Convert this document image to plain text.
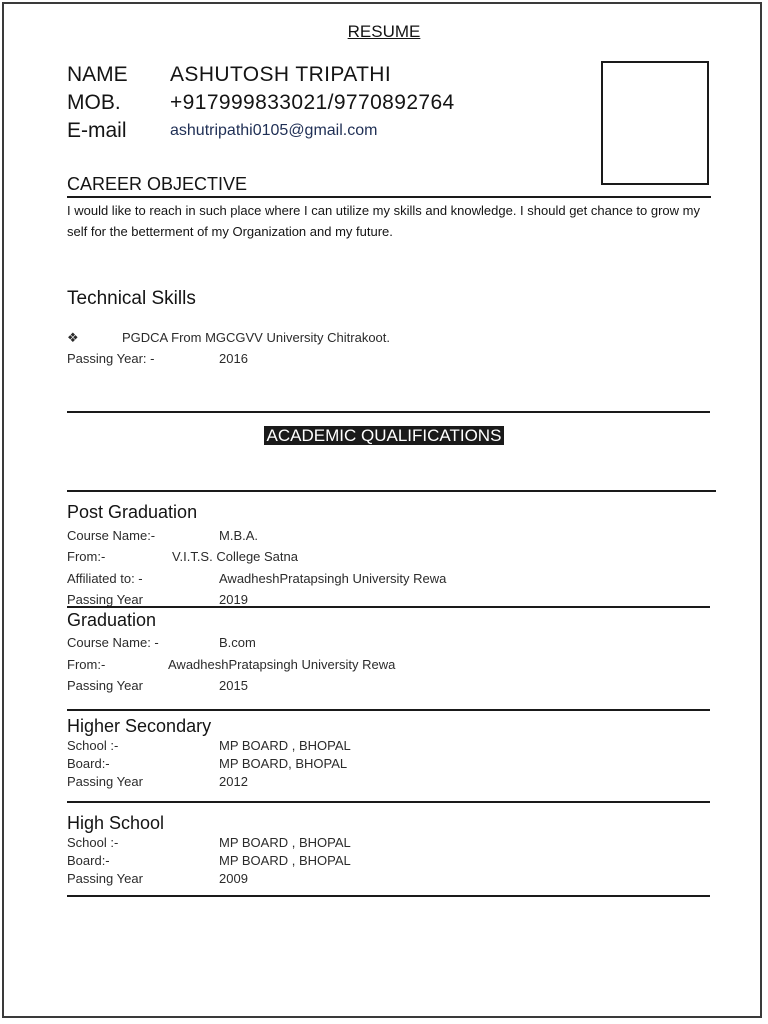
RESUME
NAME ASHUTOSH TRIPATHI
MOB. +917999833021/9770892764
E-mail	ashutripathi0105@gmail.com
CAREER OBJECTIVE
I would like to reach in such place where I can utilize my skills and knowledge. I should get chance to grow my self for the betterment of my Organization and my future.
Technical Skills
❖	PGDCA From MGCGVV University Chitrakoot.
Passing Year: -	2016
ACADEMIC QUALIFICATIONS
Post Graduation
Course Name:-	M.B.A.
From:-	V.I.T.S. College Satna
Affiliated to: -	AwadheshPratapsingh University Rewa
Passing Year	2019
Graduation
Course Name: -	B.com
From:-	AwadheshPratapsingh University Rewa
Passing Year	2015
Higher Secondary
School :-	MP BOARD , BHOPAL
Board:-	MP BOARD, BHOPAL
Passing Year	2012
High School
School :-	MP BOARD , BHOPAL
Board:-	MP BOARD , BHOPAL
Passing Year	2009
